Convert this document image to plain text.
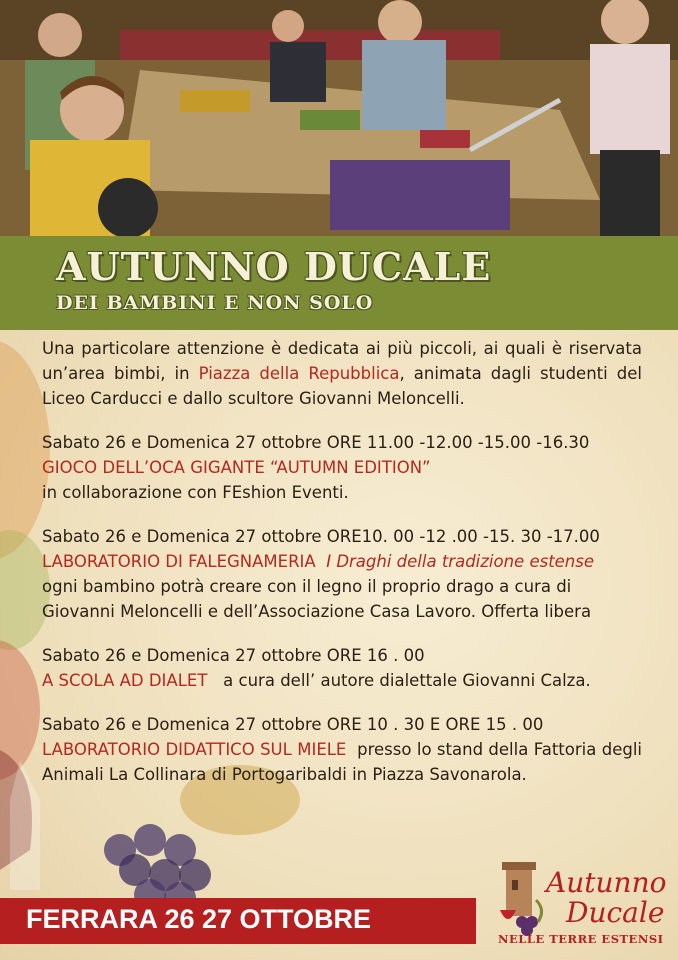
AUTUNNO DUCALE
DEI BAMBINI E NON SOLO

Una particolare attenzione è dedicata ai più piccoli, ai quali è riservata un’area bimbi, in Piazza della Repubblica, animata dagli studenti del Liceo Carducci e dallo scultore Giovanni Meloncelli.

Sabato 26 e Domenica 27 ottobre ORE 11.00 -12.00 -15.00 -16.30
GIOCO DELL’OCA GIGANTE “AUTUMN EDITION”
in collaborazione con FEshion Eventi.

Sabato 26 e Domenica 27 ottobre ORE10. 00 -12 .00 -15. 30 -17.00
LABORATORIO DI FALEGNAMERIA I Draghi della tradizione estense
ogni bambino potrà creare con il legno il proprio drago a cura di Giovanni Meloncelli e dell’Associazione Casa Lavoro. Offerta libera

Sabato 26 e Domenica 27 ottobre ORE 16 . 00
A SCOLA AD DIALET a cura dell’ autore dialettale Giovanni Calza.

Sabato 26 e Domenica 27 ottobre ORE 10 . 30 E ORE 15 . 00
LABORATORIO DIDATTICO SUL MIELE presso lo stand della Fattoria degli Animali La Collinara di Portogaribaldi in Piazza Savonarola.

FERRARA 26 27 OTTOBRE
Autunno
Ducale
NELLE TERRE ESTENSI
